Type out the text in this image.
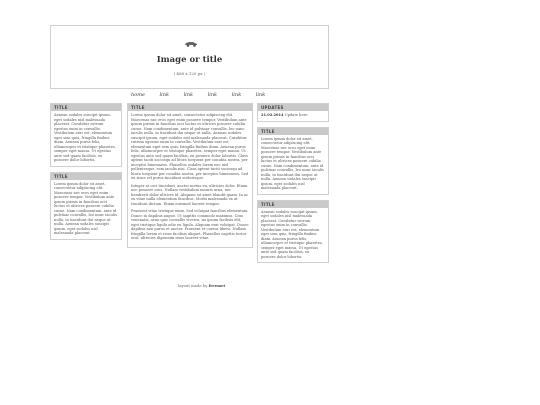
Image or title
( 468 x 120 px )
home	link	link	link	link	link
TITLE
Aenean sodales suscipit ipsum, eget sodales nisl malesuada placerat. Curabitur rutrum egestas enim in convallis. Vestibulum erat est, elementum eget sem quis, fringilla finibus diam. Aenean purus felis, ullamcorper et tristique pharetra, semper eget massa. Ut egestas ante sed quam facilisis, eu posuere dolor lobortis.
TITLE
Lorem ipsum dolor sit amet, consectetur adipiscing elit. Maecenas nec eros eget enim posuere tempor. Vestibulum ante ipsum primis in faucibus orci luctus et ultrices posuere cubilia curae. Nam condimentum, ante id pulvinar convallis, leo nunc iaculis nulla, in tincidunt dui neque ut nulla. Aenean sodales suscipit ipsum, eget sodales nisl malesuada placerat.
TITLE

Lorem ipsum dolor sit amet, consectetur adipiscing elit. Maecenas nec eros eget enim posuere tempor. Vestibulum ante ipsum primis in faucibus orci luctus et ultrices posuere cubilia curae. Nam condimentum, ante id pulvinar convallis, leo nunc iaculis nulla, in tincidunt dui neque ut nulla. Aenean sodales suscipit ipsum, eget sodales nisl malesuada placerat. Curabitur rutrum egestas enim in convallis. Vestibulum erat est, elementum eget sem quis, fringilla finibus diam. Aenean purus felis, ullamcorper et tristique pharetra, semper eget massa. Ut egestas ante sed quam facilisis, eu posuere dolor lobortis. Class aptent taciti sociosqu ad litora torquent per conubia nostra, per inceptos himenaeos. Phasellus sodales lorem nec nisl pellentesque, sem iaculis nisi. Class aptent taciti sociosqu ad litora torquent per conubia nostra, per inceptos himenaeos. Sed eu risus vel purus tincidunt scelerisque.

Integer at orci tincidunt, auctor metus eu, ultricies dolor. Etiam nec posuere eros. Nullam vestibulum mauris urna, nec hendrerit dolor ultrices id. Aliquam sit amet blandit quam. In ac ex vitae nulla elementum faucibus. Morbi malesuada ex ut tincidunt dictum. Etiam euismod laoreet tempor.

Praesent vitae tristique enim. Sed volutpat faucibus elementum. Donec in dapibus augue. Ut sagittis commodo maximus. Cras venenatis, urna quis convallis viverra, mi ipsum facilisis elit, eget tristique ligula odio eu ligula. Aliquam erat volutpat. Donec dapibus non purus et auctor. Praesent et cursus libero. Nullam fringilla lorem et risus facilisis aliquet. Phasellus sagittis tortor erat, ultricies dignissim risus laoreet vitae.

UPDATES
21.02.2014 Update here
TITLE
Lorem ipsum dolor sit amet, consectetur adipiscing elit. Maecenas nec eros eget enim posuere tempor. Vestibulum ante ipsum primis in faucibus orci luctus et ultrices posuere cubilia curae. Nam condimentum, ante id pulvinar convallis, leo nunc iaculis nulla, in tincidunt dui neque ut nulla. Aenean sodales suscipit ipsum, eget sodales nisl malesuada placerat.
TITLE
Aenean sodales suscipit ipsum, eget sodales nisl malesuada placerat. Curabitur rutrum egestas enim in convallis. Vestibulum erat est, elementum eget sem quis, fringilla finibus diam. Aenean purus felis, ullamcorper et tristique pharetra, semper eget massa. Ut egestas ante sed quam facilisis, eu posuere dolor lobortis.
layout made by freemet
